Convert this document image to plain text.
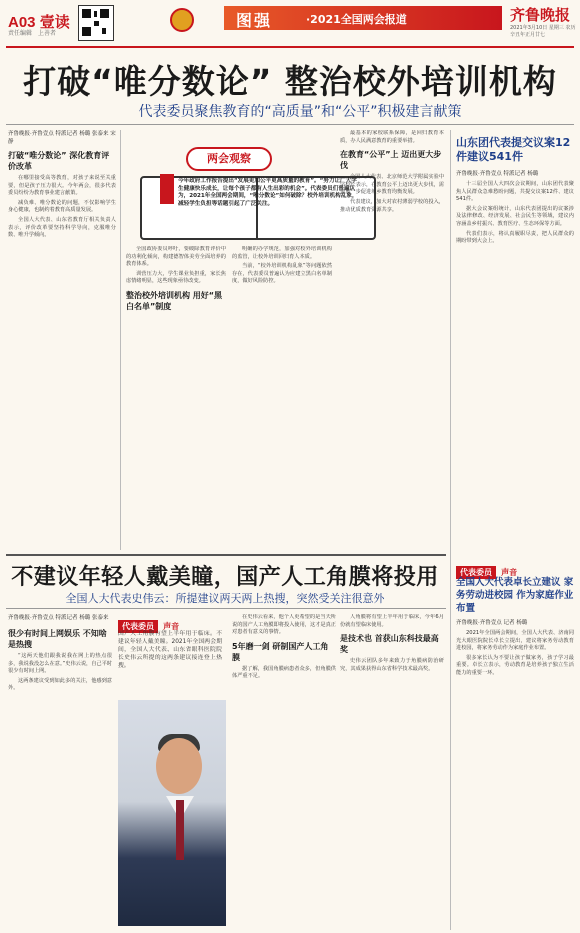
A03 壹读
责任编辑　上善者
图强	·2021全国两会报道	齐鲁晚报
2021年3月10日 星期三 农历辛丑年正月廿七
打破“唯分数论” 整治校外培训机构
代表委员聚焦教育的“高质量”和“公平”积极建言献策
齐鲁晚报·齐鲁壹点 特派记者 杨璐 张泰来 宋静
打破“唯分数论” 深化教育评价改革

在哪里接受高等教育，对孩子来说至关重要，但是孩子压力很大。今年两会，很多代表委员纷纷为教育事业建言献策。

减负难、唯分数论的问题，不仅影响学生身心健康，也制约着教育高质量发展。

全国人大代表、山东省教育厅相关负责人表示，评价改革要坚持科学导向，克服唯分数、唯升学倾向。

两会观察
今年政府工作报告提出“发展更加公平更高质量的教育”。“努力让广大学生健康快乐成长，让每个孩子都有人生出彩的机会”。代表委员们普遍认为，2021年全国两会期间，“唯分数论”如何破除？校外培训机构乱象，减轻学生负担等话题引起了广泛关注。

全国政协委员呼吁，要破除教育评价中的功利化倾向，构建德智体美劳全面培养的教育体系。

训营压力大，学生课业负担重，家长焦虑情绪明显，这些现象亟待改变。

整治校外培训机构 用好“黑白名单”制度

明确的办学规范，加强对校外培训机构的监管，让校外培训回归育人本质。

当前，“校外培训机构乱象”等问题依然存在，代表委员普遍认为应建立黑白名单制度，做好风险防控。

最基本的家校联系保障，是回归教育本质，办人民满意教育的重要举措。

在教育“公平”上 迈出更大步伐

全国人大代表、北京师范大学附属实验中学校长表示，在教育公平上迈出更大步伐，需要进一步促进城乡教育均衡发展。

代表建议，加大对农村薄弱学校的投入，推动优质教育资源共享。

山东团代表提交议案12件建议541件
齐鲁晚报·齐鲁壹点 特派记者 杨璐

十三届全国人大四次会议期间，山东团代表聚焦人民群众急难愁盼问题，共提交议案12件、建议541件。

据大会议案组统计，山东代表团提出的议案涉及法律修改、经济发展、社会民生等领域，建议内容涵盖乡村振兴、教育医疗、生态环保等方面。

代表们表示，将认真履职尽责，把人民群众的期盼带到大会上。

代表委员 声音
全国人大代表卓长立建议 家务劳动进校园 作为家庭作业布置
齐鲁晚报·齐鲁壹点 记者 杨璐

2021年全国两会期间，全国人大代表、济南同光大眼医院院长卓长立提出，建议将家务劳动教育进校园，将家务劳动作为家庭作业布置。

很多家长认为不要让孩子做家务，孩子学习最重要。卓长立表示，劳动教育是培养孩子独立生活能力的重要一环。

不建议年轻人戴美瞳，国产人工角膜将投用
全国人大代表史伟云：所提建议两天两上热搜，突然受关注很意外
齐鲁晚报·齐鲁壹点 特派记者 杨璐 张泰来
很少有时间上网娱乐 不知啥是热搜

“这两天他们跟我说我在网上的热点很多，我说我没怎么在意。”史伟云说，自己平时很少有时间上网。

这两条建议受到如此多的关注，他感到意外。

代表委员 声音
国产人工角膜有望上半年用于临床。不建议年轻人戴美瞳。2021年全国两会期间，全国人大代表、山东省眼科医院院长史伟云所提的这两条建议接连登上热搜。

在史伟云看来，他个人更希望的是当天所说的国产人工角膜即将投入使用，这才是真正对患者有意义的事情。

5年磨一剑 研制国产人工角膜

据了解，我国角膜病患者众多，但角膜供体严重不足。

人角膜将有望上半年用于临床，今年6月份就有望临床使用。

是技术也 首获山东科技最高奖

史伟云团队多年来致力于角膜病防治研究，其成果获得山东省科学技术最高奖。
